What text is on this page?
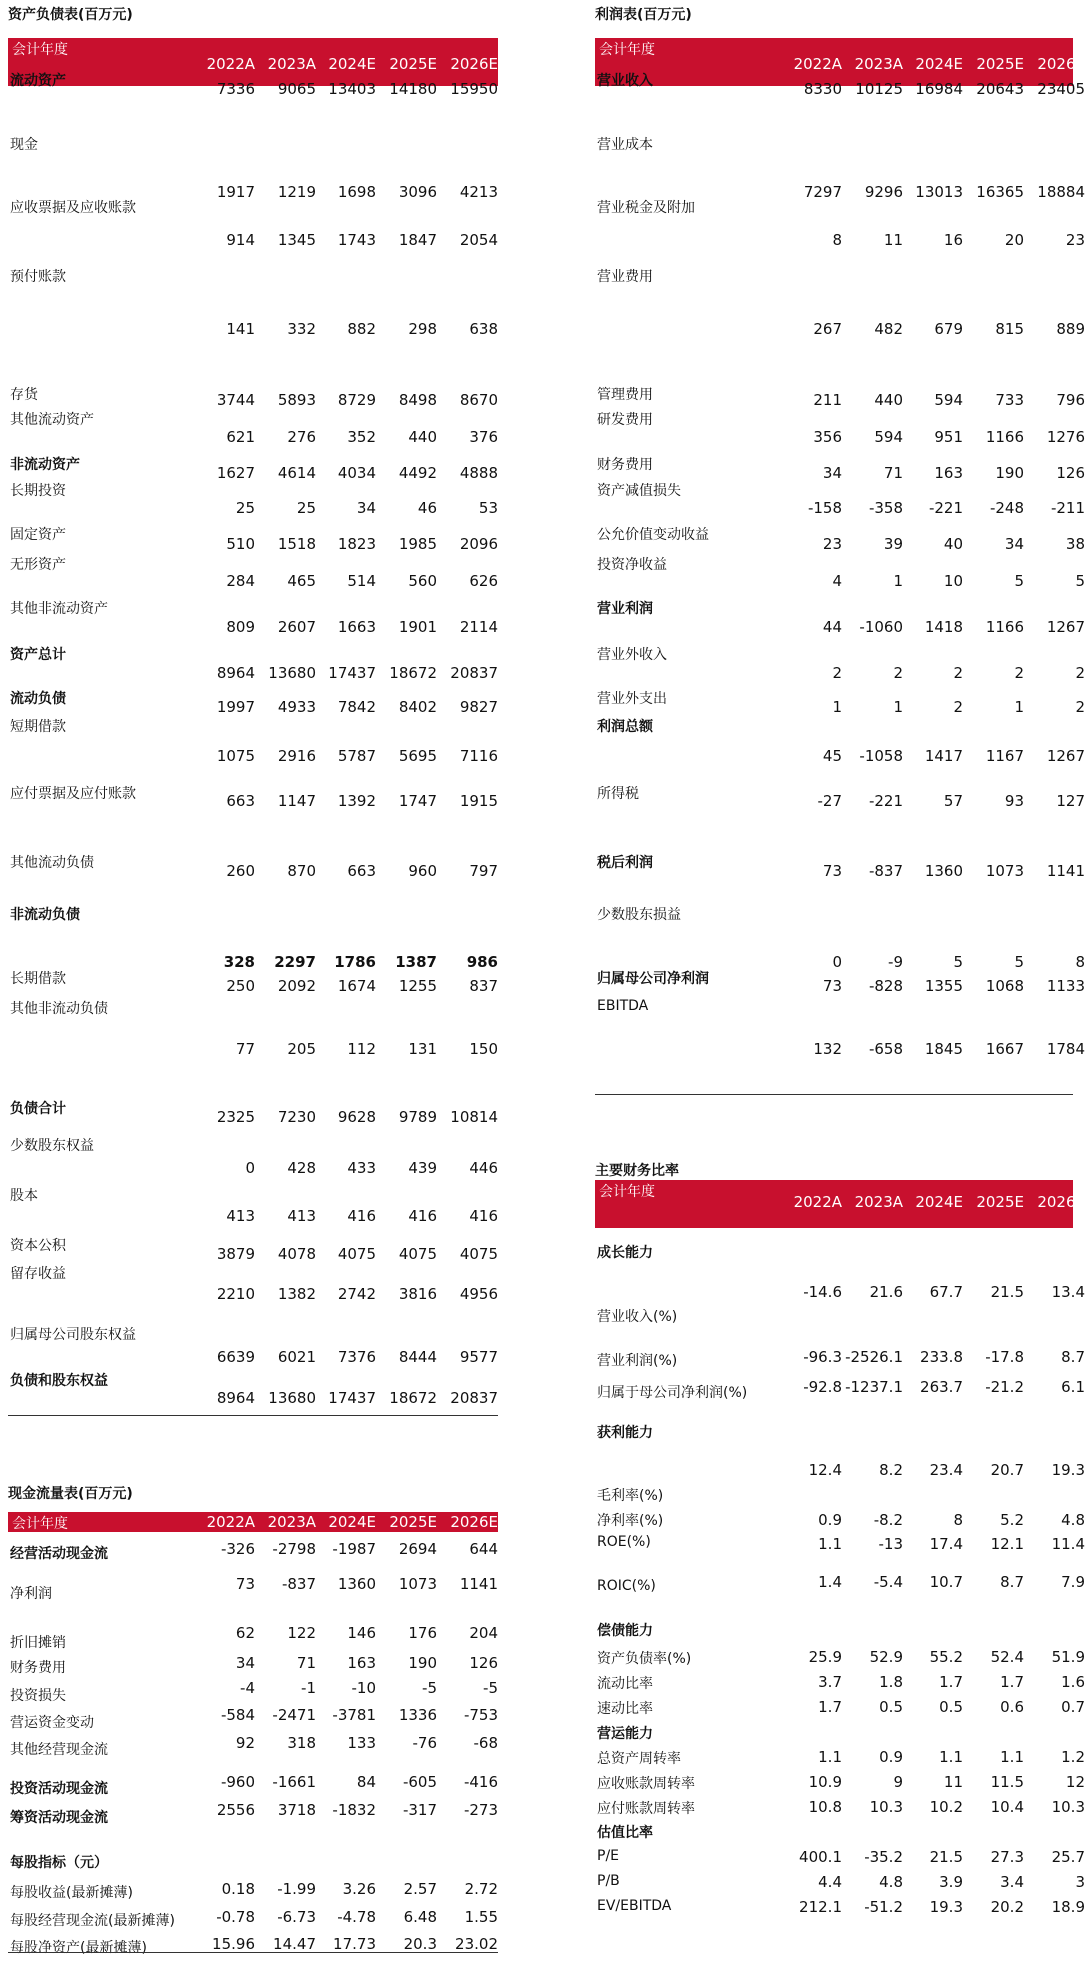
资产负债表(百万元)
会计年度
2022A 2023A 2024E 2025E 2026E
流动资产	7336	9065 13403 14180 15950
现金
1917	1219	1698	3096	4213
应收票据及应收账款
914	1345	1743	1847	2054
预付账款
141	332	882	298	638
存货	3744	5893	8729	8498	8670
其他流动资产
621	276	352	440	376
非流动资产	1627	4614	4034	4492	4888
长期投资
25	25	34	46	53
固定资产	510	1518	1823	1985	2096
无形资产
284	465	514	560	626
其他非流动资产
809	2607	1663	1901	2114
资产总计
8964 13680 17437 18672 20837
流动负债	1997	4933	7842	8402	9827
短期借款
1075	2916	5787	5695	7116
应付票据及应付账款	663	1147	1392	1747	1915
其他流动负债	260	870	663	960	797
非流动负债
328	2297	1786	1387	986
长期借款	250	2092	1674	1255	837
其他非流动负债
77	205	112	131	150
负债合计	2325	7230	9628	9789 10814
少数股东权益
0	428	433	439	446
股本
413	413	416	416	416
资本公积	3879	4078	4075	4075	4075
留存收益
2210	1382	2742	3816	4956
归属母公司股东权益
6639	6021	7376	8444	9577
负债和股东权益
8964 13680 17437 18672 20837
现金流量表(百万元)
会计年度	2022A 2023A 2024E 2025E 2026E
经营活动现金流	-326	-2798	-1987	2694	644
净利润
73	-837	1360	1073	1141
折旧摊销
62	122	146	176	204
财务费用	34	71	163	190	126
投资损失	-4	-1	-10	-5	-5
营运资金变动	-584	-2471	-3781	1336	-753
其他经营现金流	92	318	133	-76	-68
投资活动现金流	-960	-1661	84	-605	-416
筹资活动现金流	2556	3718	-1832	-317	-273
每股指标（元）
每股收益(最新摊薄)	0.18	-1.99	3.26	2.57	2.72
每股经营现金流(最新摊薄)	-0.78	-6.73	-4.78	6.48	1.55
每股净资产(最新摊薄)	15.96	14.47	17.73	20.3	23.02
利润表(百万元)
会计年度
2022A 2023A 2024E 2025E 2026E
营业收入	8330 10125 16984 20643 23405
营业成本
7297	9296 13013 16365 18884
营业税金及附加
8	11	16	20	23
营业费用
267	482	679	815	889
管理费用	211	440	594	733	796
研发费用
356	594	951	1166	1276
财务费用	34	71	163	190	126
资产减值损失
-158	-358	-221	-248	-211
公允价值变动收益	23	39	40	34	38
投资净收益
4	1	10	5	5
营业利润
44	-1060	1418	1166	1267
营业外收入
2	2	2	2	2
营业外支出	1	1	2	1	2
利润总额
45	-1058	1417	1167	1267
所得税	-27	-221	57	93	127
税后利润	73	-837	1360	1073	1141
少数股东损益
0	-9	5	5	8
归属母公司净利润	73	-828	1355	1068	1133
EBITDA
132	-658	1845	1667	1784
主要财务比率
会计年度
2022A 2023A 2024E 2025E 2026E
成长能力
营业收入(%)
-14.6	21.6	67.7	21.5	13.4
营业利润(%)	-96.3 -2526.1	233.8	-17.8	8.7
归属于母公司净利润(%)	-92.8 -1237.1	263.7	-21.2	6.1
获利能力
毛利率(%)
12.4	8.2	23.4	20.7	19.3
净利率(%)	0.9	-8.2	8	5.2	4.8
ROE(%)	1.1	-13	17.4	12.1	11.4
ROIC(%)	1.4	-5.4	10.7	8.7	7.9
偿债能力
资产负债率(%)	25.9	52.9	55.2	52.4	51.9
流动比率	3.7	1.8	1.7	1.7	1.6
速动比率	1.7	0.5	0.5	0.6	0.7
营运能力
总资产周转率	1.1	0.9	1.1	1.1	1.2
应收账款周转率	10.9	9	11	11.5	12
应付账款周转率	10.8	10.3	10.2	10.4	10.3
估值比率
P/E	400.1	-35.2	21.5	27.3	25.7
P/B	4.4	4.8	3.9	3.4	3
EV/EBITDA	212.1	-51.2	19.3	20.2	18.9
